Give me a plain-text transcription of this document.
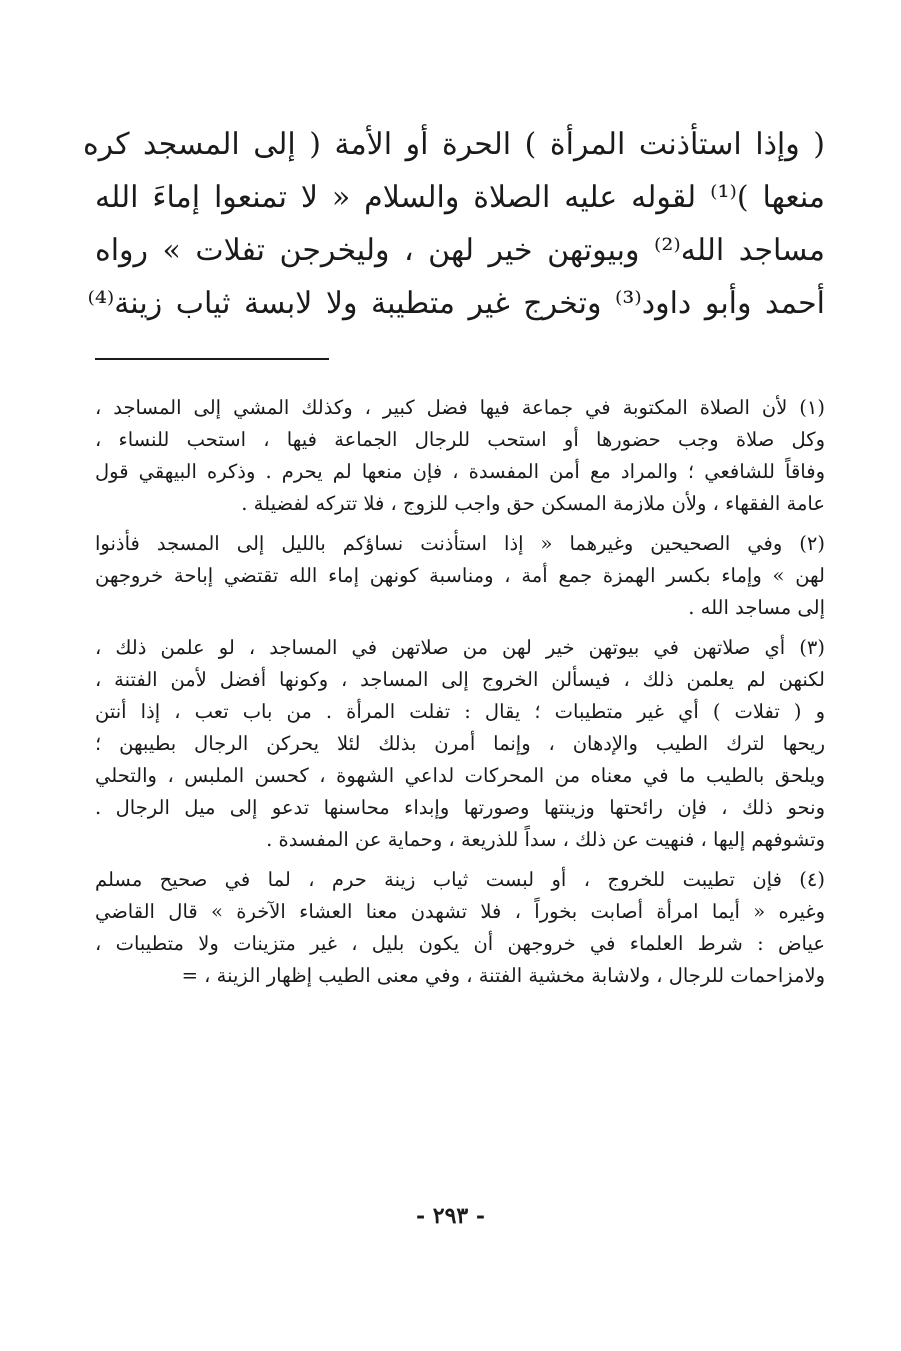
( وإذا استأذنت المرأة ) الحرة أو الأمة ( إلى المسجد كره

منعها )⁽¹⁾ لقوله عليه الصلاة والسلام « لا تمنعوا إماءَ الله

مساجد الله⁽²⁾ وبيوتهن خير لهن ، وليخرجن تفلات » رواه

أحمد وأبو داود⁽³⁾ وتخرج غير متطيبة ولا لابسة ثياب زينة⁽⁴⁾

(١) لأن الصلاة المكتوبة في جماعة فيها فضل كبير ، وكذلك المشي إلى المساجد ،

وكل صلاة وجب حضورها أو استحب للرجال الجماعة فيها ، استحب للنساء ،

وفاقاً للشافعي ؛ والمراد مع أمن المفسدة ، فإن منعها لم يحرم . وذكره البيهقي قول

عامة الفقهاء ، ولأن ملازمة المسكن حق واجب للزوج ، فلا تتركه لفضيلة .

(٢) وفي الصحيحين وغيرهما « إذا استأذنت نساؤكم بالليل إلى المسجد فأذنوا

لهن » وإماء بكسر الهمزة جمع أمة ، ومناسبة كونهن إماء الله تقتضي إباحة خروجهن

إلى مساجد الله .

(٣) أي صلاتهن في بيوتهن خير لهن من صلاتهن في المساجد ، لو علمن ذلك ،

لكنهن لم يعلمن ذلك ، فيسألن الخروج إلى المساجد ، وكونها أفضل لأمن الفتنة ،

و ( تفلات ) أي غير متطيبات ؛ يقال : تفلت المرأة . من باب تعب ، إذا أنتن

ريحها لترك الطيب والإدهان ، وإنما أمرن بذلك لئلا يحركن الرجال بطيبهن ؛

ويلحق بالطيب ما في معناه من المحركات لداعي الشهوة ، كحسن الملبس ، والتحلي

ونحو ذلك ، فإن رائحتها وزينتها وصورتها وإبداء محاسنها تدعو إلى ميل الرجال .

وتشوفهم إليها ، فنهيت عن ذلك ، سداً للذريعة ، وحماية عن المفسدة .

(٤) فإن تطيبت للخروج ، أو لبست ثياب زينة حرم ، لما في صحيح مسلم

وغيره « أيما امرأة أصابت بخوراً ، فلا تشهدن معنا العشاء الآخرة » قال القاضي

عياض : شرط العلماء في خروجهن أن يكون بليل ، غير متزينات ولا متطيبات ،

ولامزاحمات للرجال ، ولاشابة مخشية الفتنة ، وفي معنى الطيب إظهار الزينة ، =

- ٢٩٣ -
